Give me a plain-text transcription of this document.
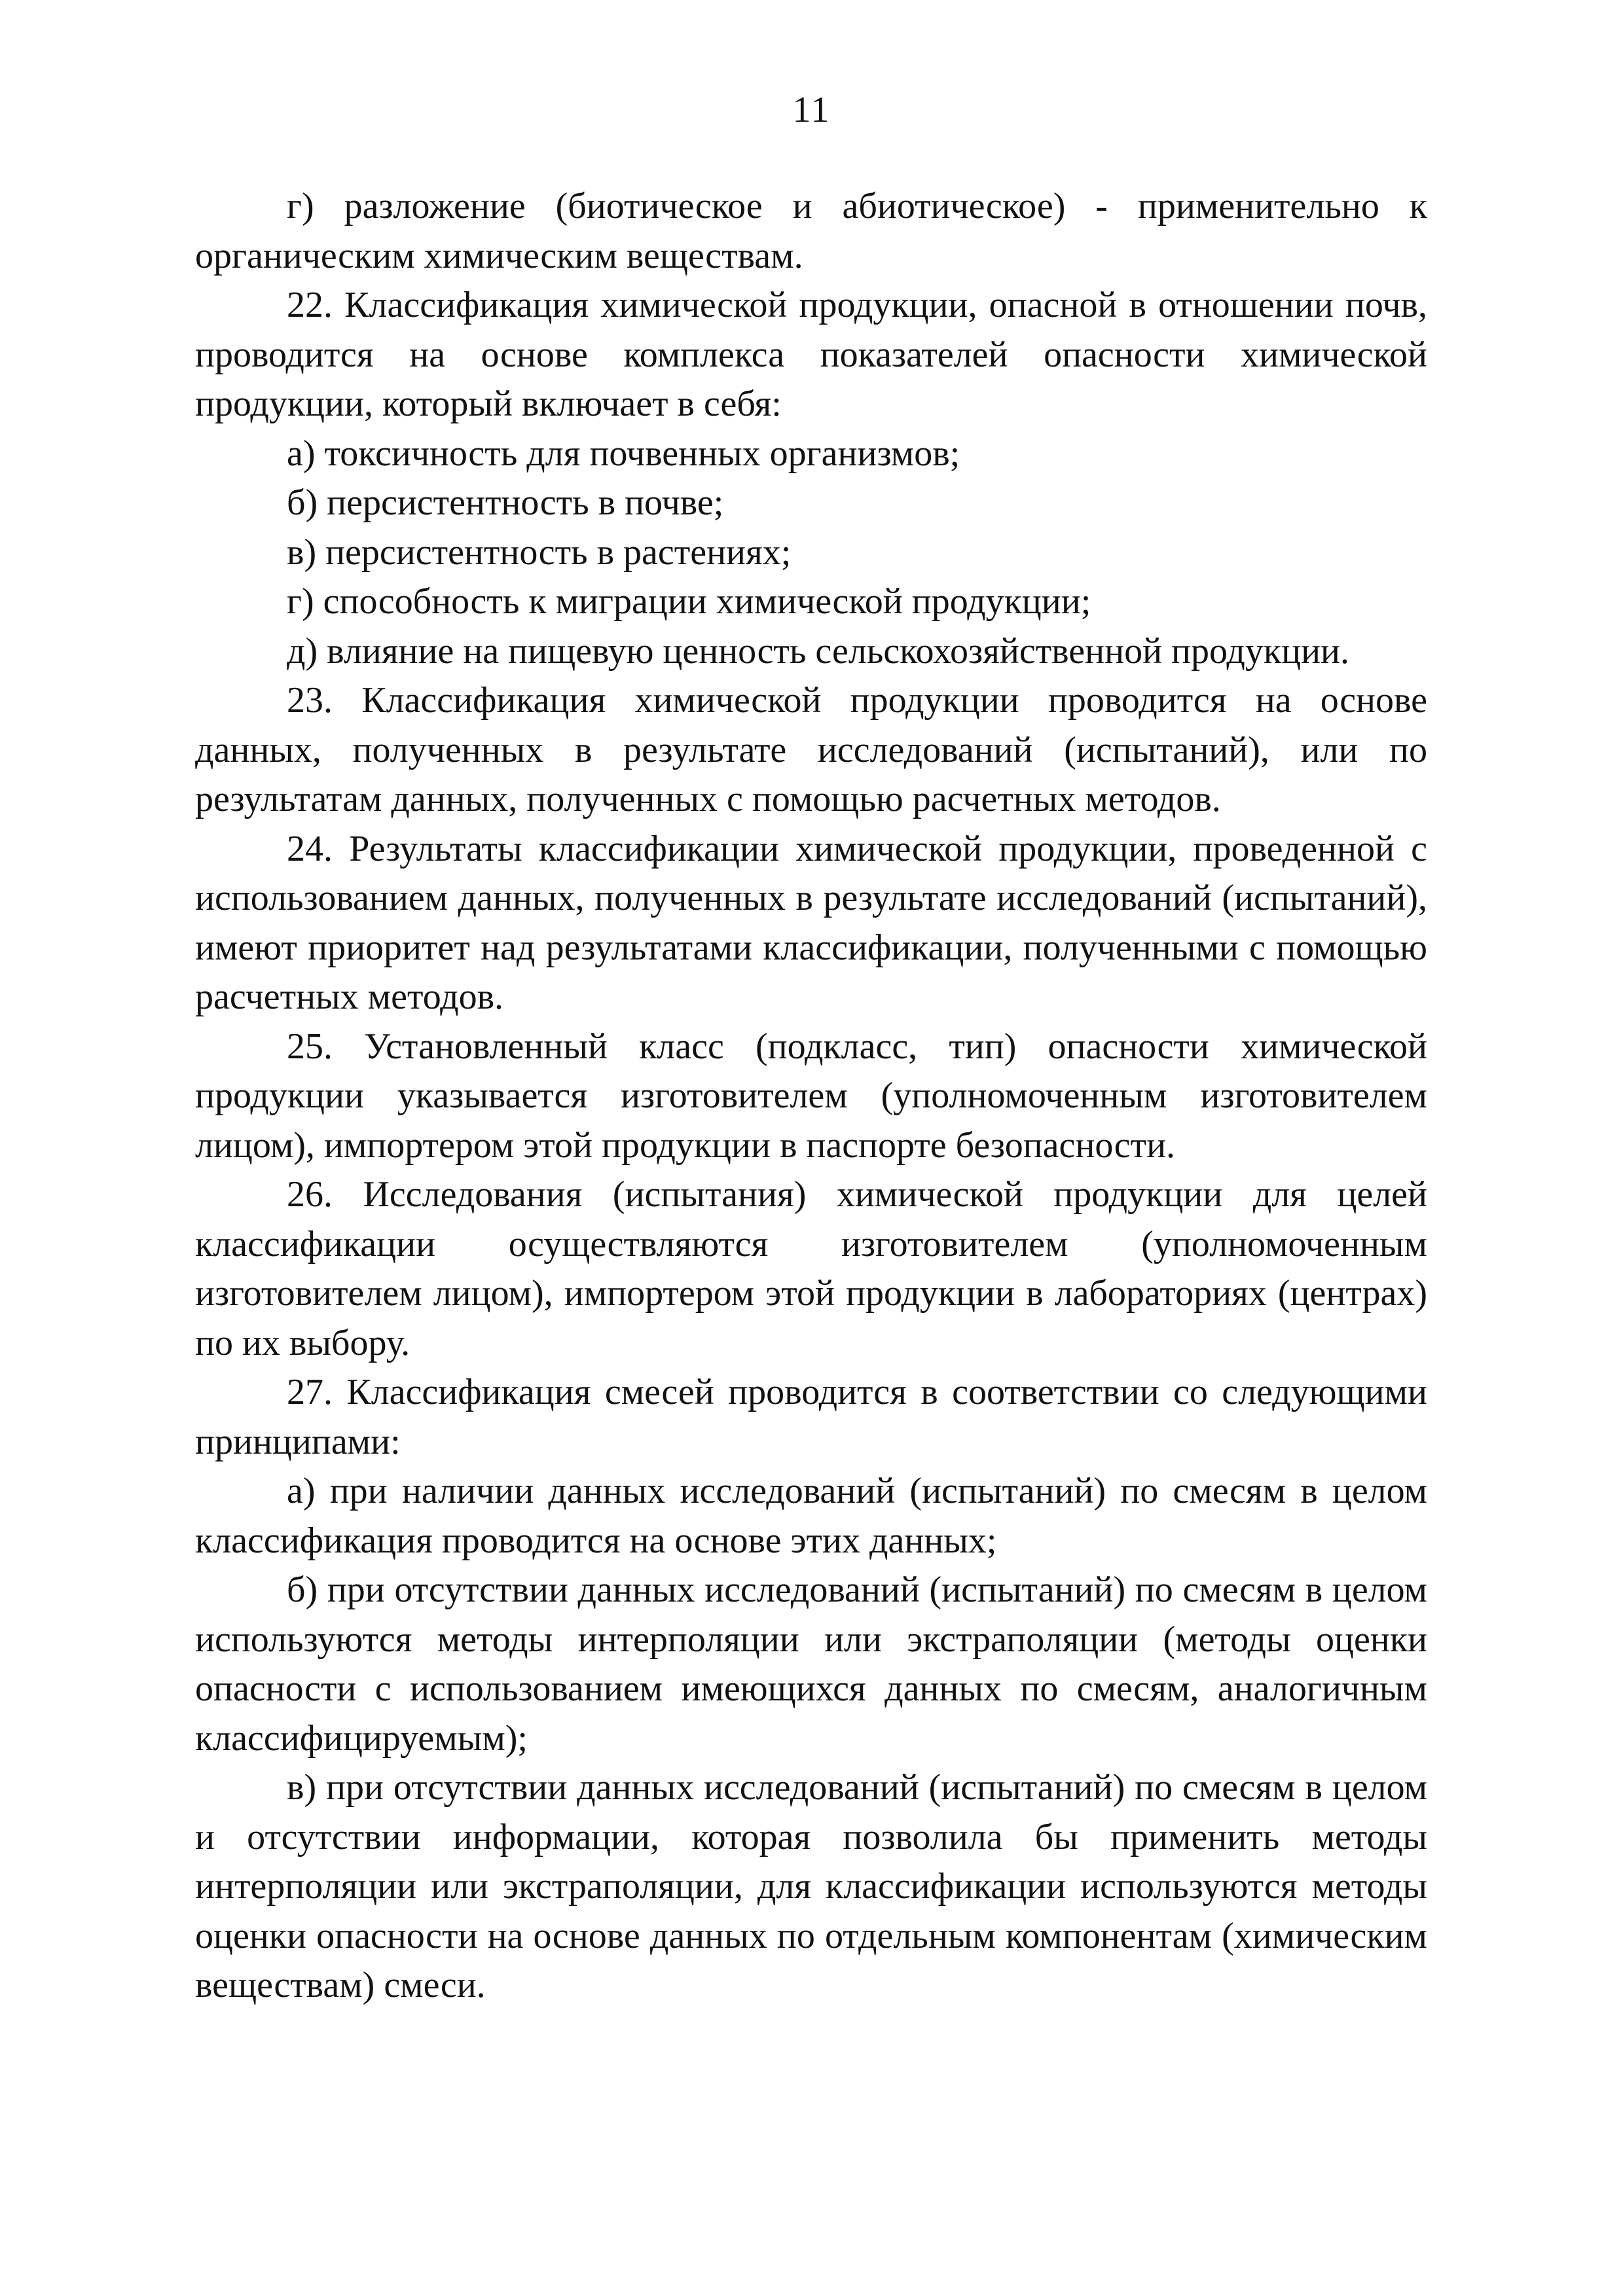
11

г) разложение (биотическое и абиотическое) - применительно к органическим химическим веществам.

22. Классификация химической продукции, опасной в отношении почв, проводится на основе комплекса показателей опасности химической продукции, который включает в себя:

а) токсичность для почвенных организмов;

б) персистентность в почве;

в) персистентность в растениях;

г) способность к миграции химической продукции;

д) влияние на пищевую ценность сельскохозяйственной продукции.

23. Классификация химической продукции проводится на основе данных, полученных в результате исследований (испытаний), или по результатам данных, полученных с помощью расчетных методов.

24. Результаты классификации химической продукции, проведенной с использованием данных, полученных в результате исследований (испытаний), имеют приоритет над результатами классификации, полученными с помощью расчетных методов.

25. Установленный класс (подкласс, тип) опасности химической продукции указывается изготовителем (уполномоченным изготовителем лицом), импортером этой продукции в паспорте безопасности.

26. Исследования (испытания) химической продукции для целей классификации осуществляются изготовителем (уполномоченным изготовителем лицом), импортером этой продукции в лабораториях (центрах) по их выбору.

27. Классификация смесей проводится в соответствии со следующими принципами:

а) при наличии данных исследований (испытаний) по смесям в целом классификация проводится на основе этих данных;

б) при отсутствии данных исследований (испытаний) по смесям в целом используются методы интерполяции или экстраполяции (методы оценки опасности с использованием имеющихся данных по смесям, аналогичным классифицируемым);

в) при отсутствии данных исследований (испытаний) по смесям в целом и отсутствии информации, которая позволила бы применить методы интерполяции или экстраполяции, для классификации используются методы оценки опасности на основе данных по отдельным компонентам (химическим веществам) смеси.
